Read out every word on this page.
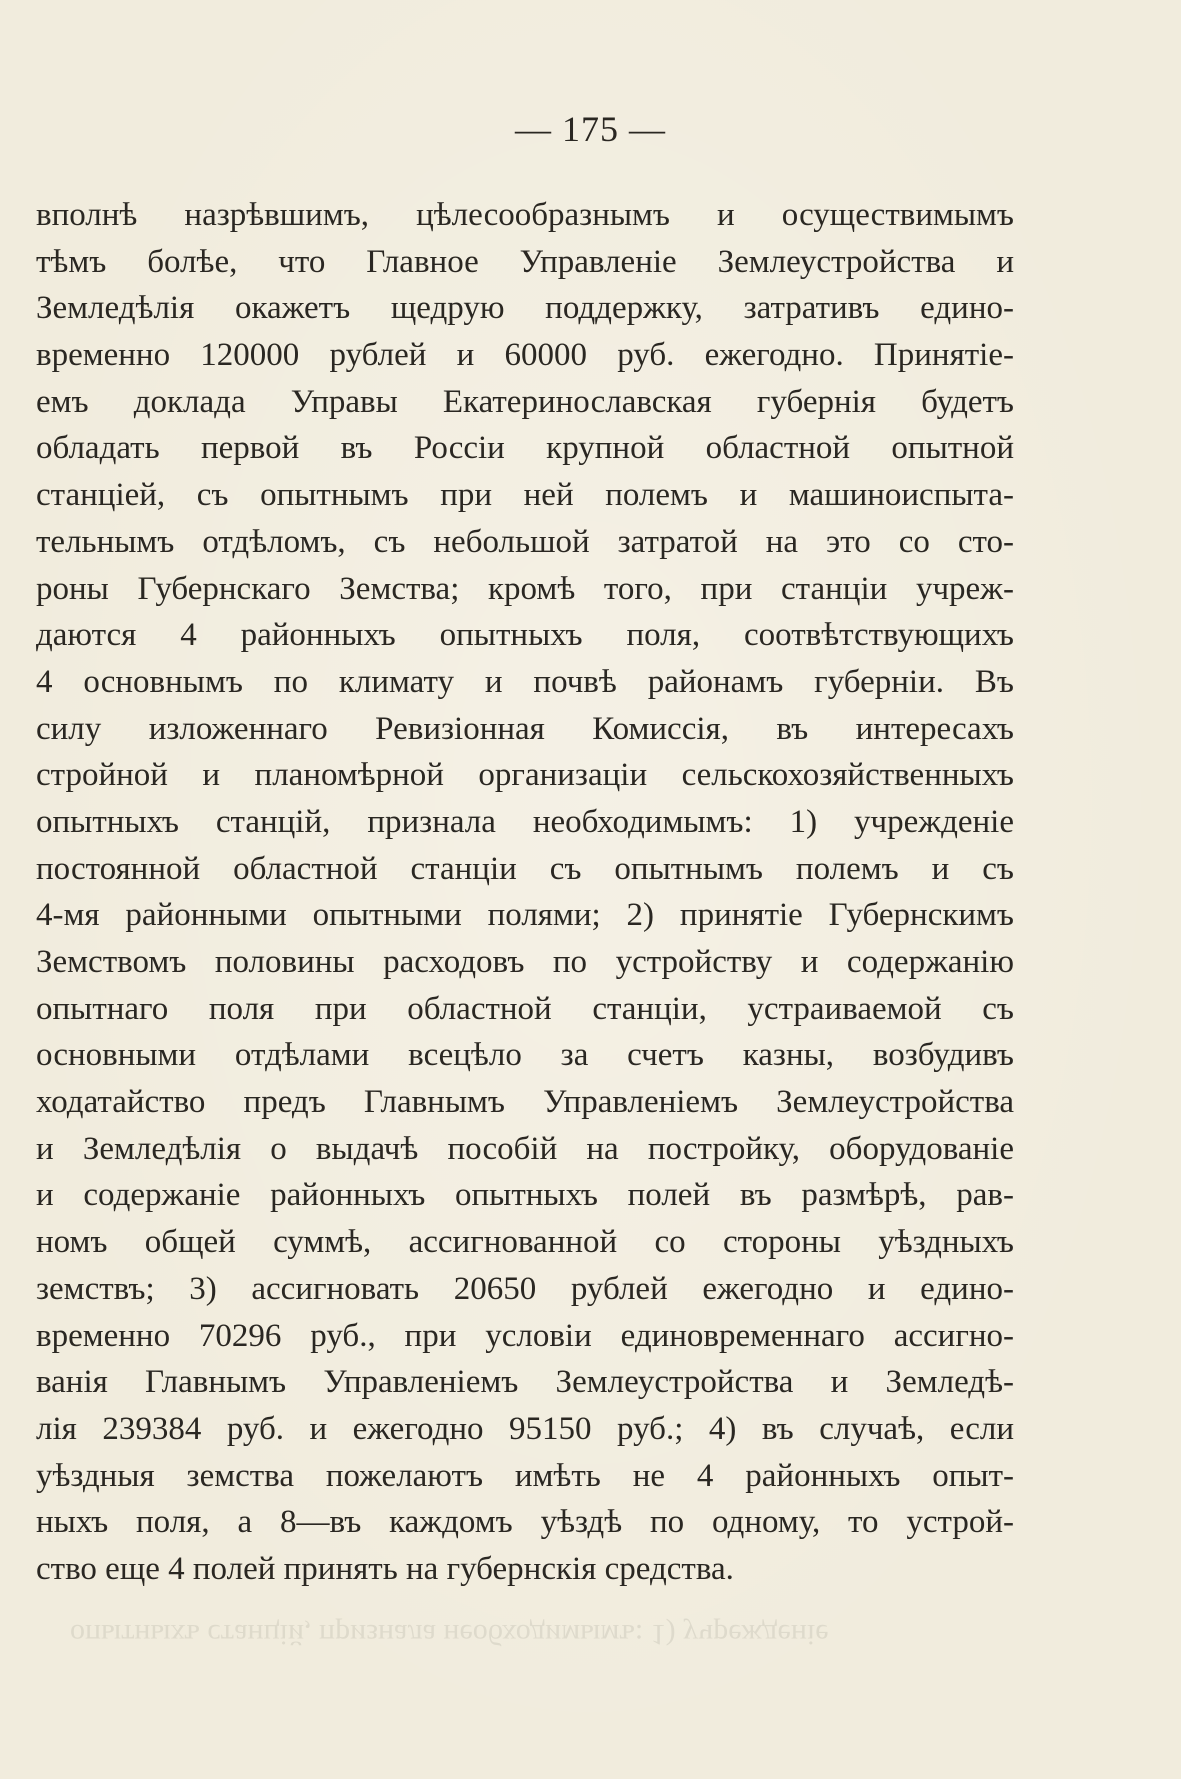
— 175 —
вполнѣ назрѣвшимъ, цѣлесообразнымъ и осуществимымъ
тѣмъ болѣе, что Главное Управленіе Землеустройства и
Земледѣлія окажетъ щедрую поддержку, затративъ едино-
временно 120000 рублей и 60000 руб. ежегодно. Принятіе-
емъ доклада Управы Екатеринославская губернія будетъ
обладать первой въ Россіи крупной областной опытной
станціей, съ опытнымъ при ней полемъ и машиноиспыта-
тельнымъ отдѣломъ, съ небольшой затратой на это со сто-
роны Губернскаго Земства; кромѣ того, при станціи учреж-
даются 4 районныхъ опытныхъ поля, соотвѣтствующихъ
4 основнымъ по климату и почвѣ районамъ губерніи. Въ
силу изложеннаго Ревизіонная Комиссія, въ интересахъ
стройной и планомѣрной организаціи сельскохозяйственныхъ
опытныхъ станцій, признала необходимымъ: 1) учрежденіе
постоянной областной станціи съ опытнымъ полемъ и съ
4-мя районными опытными полями; 2) принятіе Губернскимъ
Земствомъ половины расходовъ по устройству и содержанію
опытнаго поля при областной станціи, устраиваемой съ
основными отдѣлами всецѣло за счетъ казны, возбудивъ
ходатайство предъ Главнымъ Управленіемъ Землеустройства
и Земледѣлія о выдачѣ пособій на постройку, оборудованіе
и содержаніе районныхъ опытныхъ полей въ размѣрѣ, рав-
номъ общей суммѣ, ассигнованной со стороны уѣздныхъ
земствъ; 3) ассигновать 20650 рублей ежегодно и едино-
временно 70296 руб., при условіи единовременнаго ассигно-
ванія Главнымъ Управленіемъ Землеустройства и Земледѣ-
лія 239384 руб. и ежегодно 95150 руб.; 4) въ случаѣ, если
уѣздныя земства пожелаютъ имѣть не 4 районныхъ опыт-
ныхъ поля, а 8—въ каждомъ уѣздѣ по одному, то устрой-
ство еще 4 полей принять на губернскія средства.
опытныхъ станцій, признала необходимымъ: 1) учрежденіе
